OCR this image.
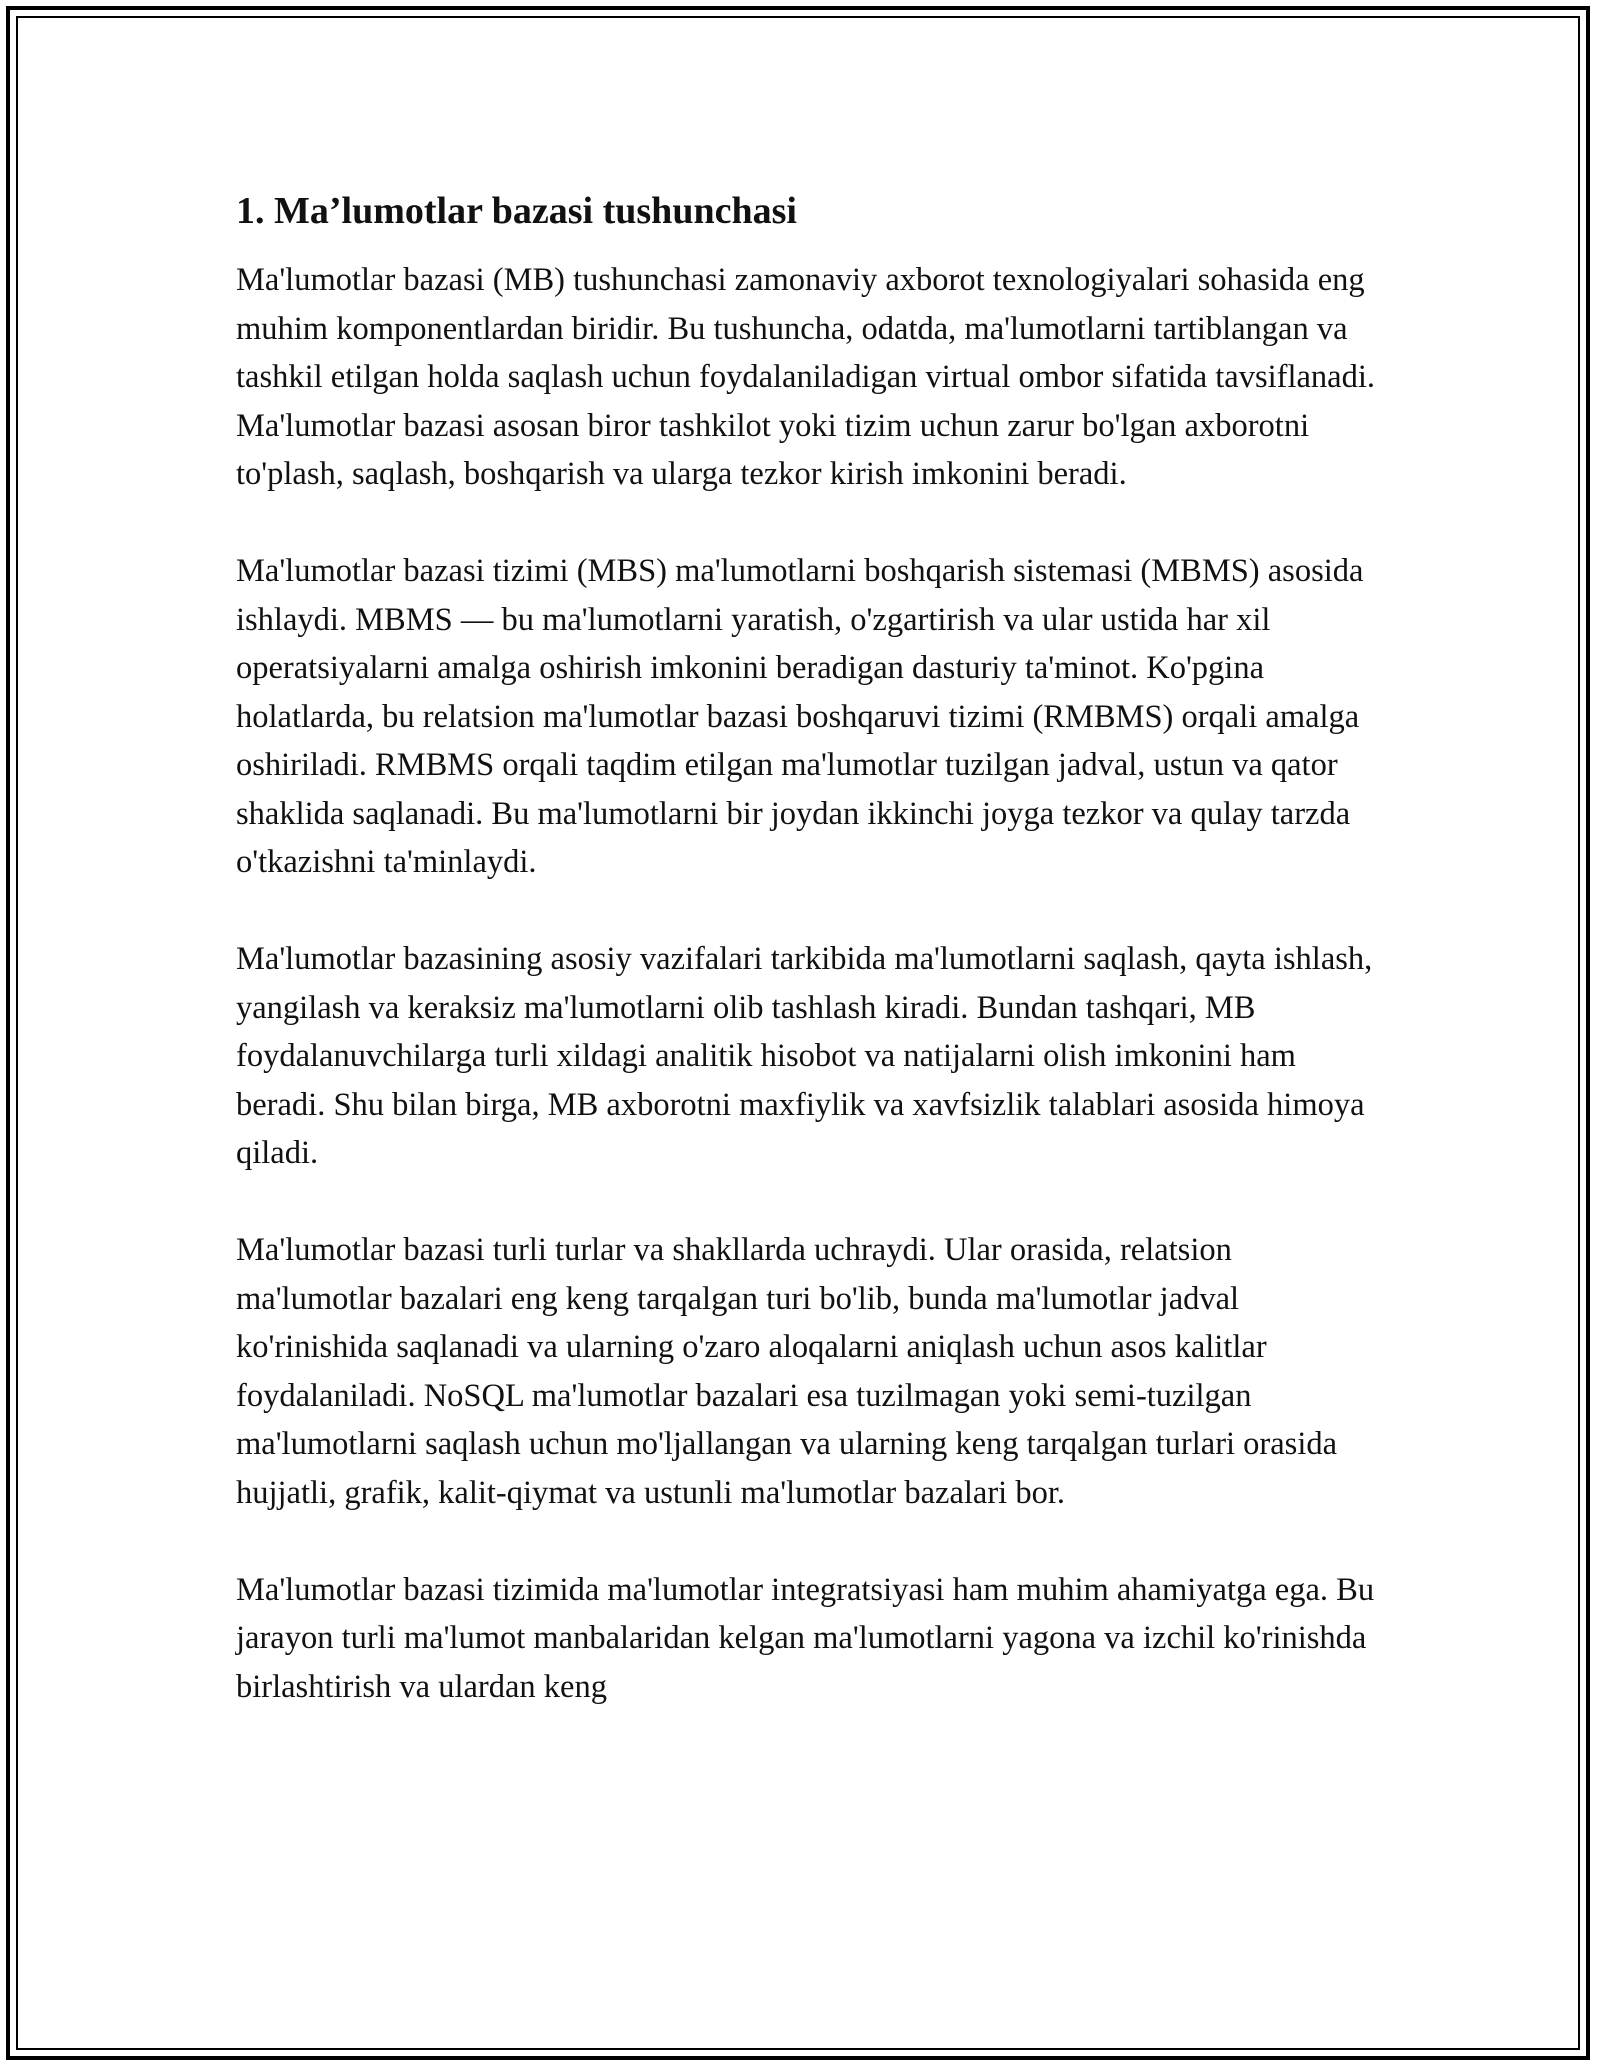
1. Ma’lumotlar bazasi tushunchasi

Ma'lumotlar bazasi (MB) tushunchasi zamonaviy axborot texnologiyalari sohasida eng muhim komponentlardan biridir. Bu tushuncha, odatda, ma'lumotlarni tartiblangan va tashkil etilgan holda saqlash uchun foydalaniladigan virtual ombor sifatida tavsiflanadi. Ma'lumotlar bazasi asosan biror tashkilot yoki tizim uchun zarur bo'lgan axborotni to'plash, saqlash, boshqarish va ularga tezkor kirish imkonini beradi.

Ma'lumotlar bazasi tizimi (MBS) ma'lumotlarni boshqarish sistemasi (MBMS) asosida ishlaydi. MBMS — bu ma'lumotlarni yaratish, o'zgartirish va ular ustida har xil operatsiyalarni amalga oshirish imkonini beradigan dasturiy ta'minot. Ko'pgina holatlarda, bu relatsion ma'lumotlar bazasi boshqaruvi tizimi (RMBMS) orqali amalga oshiriladi. RMBMS orqali taqdim etilgan ma'lumotlar tuzilgan jadval, ustun va qator shaklida saqlanadi. Bu ma'lumotlarni bir joydan ikkinchi joyga tezkor va qulay tarzda o'tkazishni ta'minlaydi.

Ma'lumotlar bazasining asosiy vazifalari tarkibida ma'lumotlarni saqlash, qayta ishlash, yangilash va keraksiz ma'lumotlarni olib tashlash kiradi. Bundan tashqari, MB foydalanuvchilarga turli xildagi analitik hisobot va natijalarni olish imkonini ham beradi. Shu bilan birga, MB axborotni maxfiylik va xavfsizlik talablari asosida himoya qiladi.

Ma'lumotlar bazasi turli turlar va shakllarda uchraydi. Ular orasida, relatsion ma'lumotlar bazalari eng keng tarqalgan turi bo'lib, bunda ma'lumotlar jadval ko'rinishida saqlanadi va ularning o'zaro aloqalarni aniqlash uchun asos kalitlar foydalaniladi. NoSQL ma'lumotlar bazalari esa tuzilmagan yoki semi-tuzilgan ma'lumotlarni saqlash uchun mo'ljallangan va ularning keng tarqalgan turlari orasida hujjatli, grafik, kalit-qiymat va ustunli ma'lumotlar bazalari bor.

Ma'lumotlar bazasi tizimida ma'lumotlar integratsiyasi ham muhim ahamiyatga ega. Bu jarayon turli ma'lumot manbalaridan kelgan ma'lumotlarni yagona va izchil ko'rinishda birlashtirish va ulardan keng
